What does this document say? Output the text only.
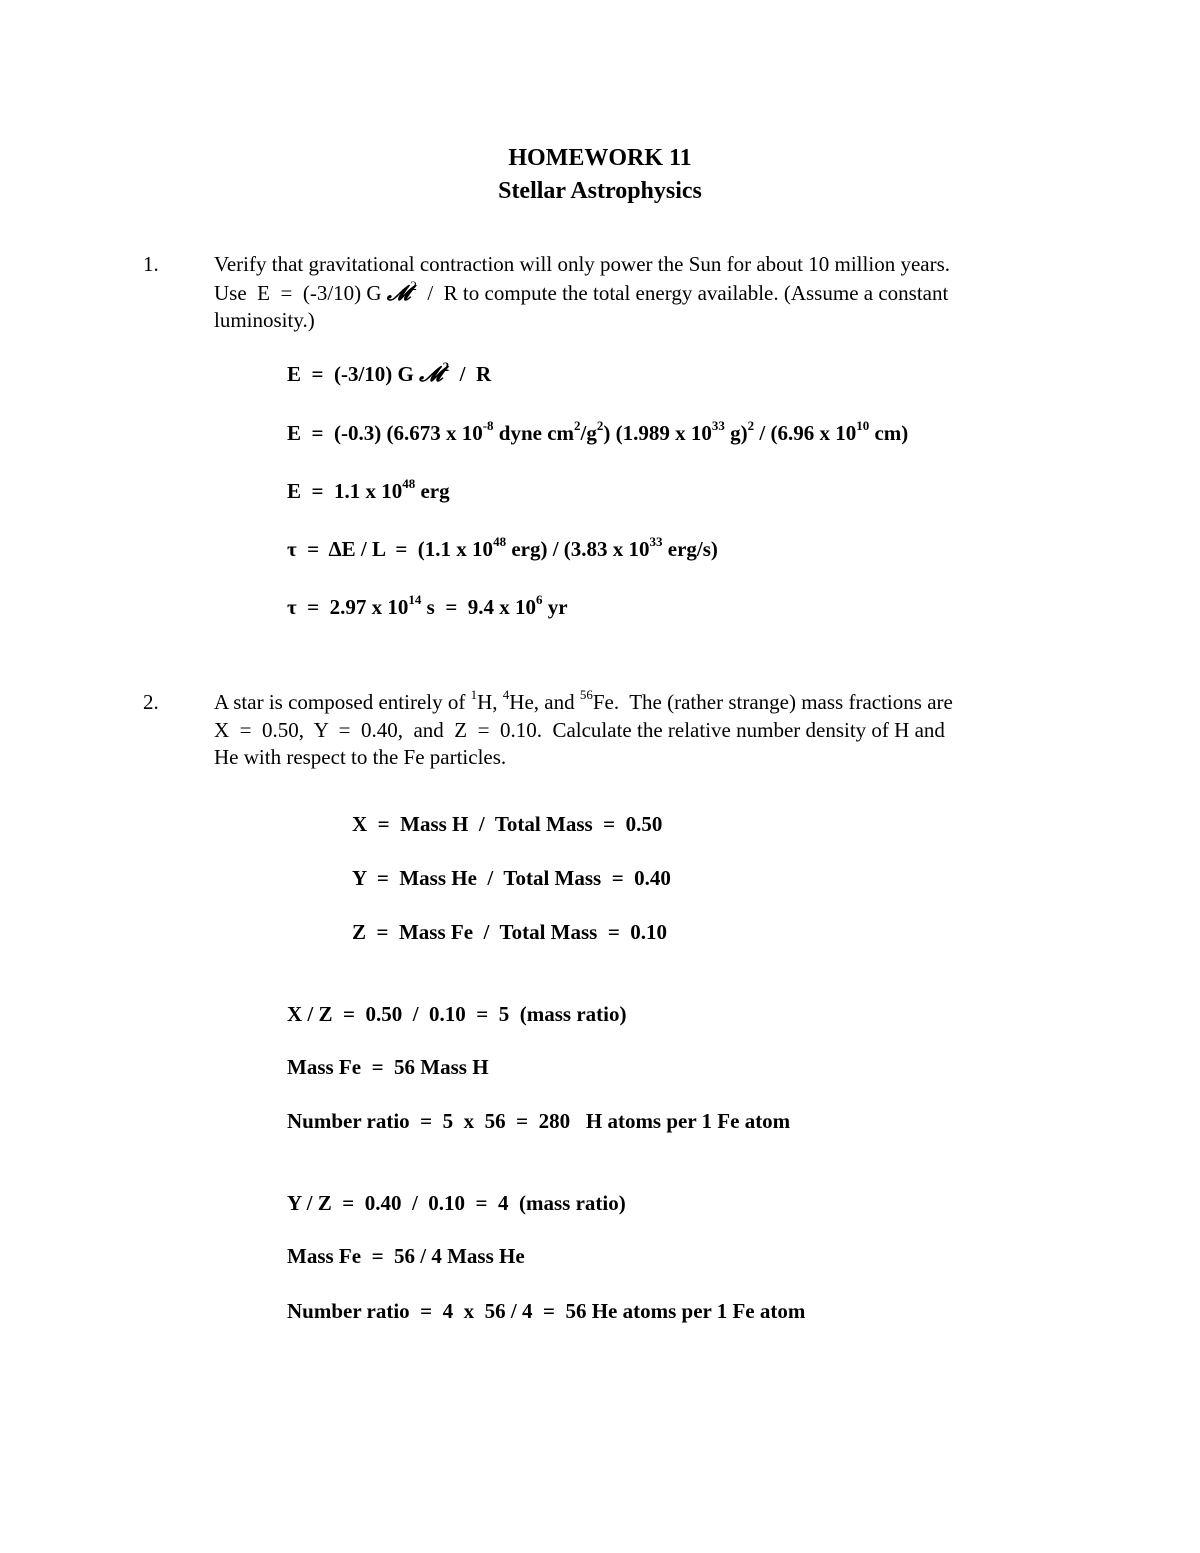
HOMEWORK 11
Stellar Astrophysics
1.	Verify that gravitational contraction will only power the Sun for about 10 million years.
Use  E  =  (-3/10) G 𝓜$^2$  /  R to compute the total energy available. (Assume a constant
luminosity.)
E  =  (-3/10) G 𝓜$^2$  /  R
E  =  (-0.3) (6.673 x $10^{-8}$ dyne $cm^2/g^2$) (1.989 x $10^{33}$ g)$^2$ / (6.96 x $10^{10}$ cm)
E  =  1.1 x $10^{48}$ erg
τ  =  ΔE / L  =  (1.1 x $10^{48}$ erg) / (3.83 x $10^{33}$ erg/s)
τ  =  2.97 x $10^{14}$ s  =  9.4 x $10^6$ yr
2.	A star is composed entirely of $^1$H, $^4$He, and $^{56}$Fe.  The (rather strange) mass fractions are
X  =  0.50,  Y  =  0.40,  and  Z  =  0.10.  Calculate the relative number density of H and
He with respect to the Fe particles.
X  =  Mass H  /  Total Mass  =  0.50
Y  =  Mass He  /  Total Mass  =  0.40
Z  =  Mass Fe  /  Total Mass  =  0.10
X / Z  =  0.50  /  0.10  =  5  (mass ratio)
Mass Fe  =  56 Mass H
Number ratio  =  5  x  56  =  280   H atoms per 1 Fe atom
Y / Z  =  0.40  /  0.10  =  4  (mass ratio)
Mass Fe  =  56 / 4 Mass He
Number ratio  =  4  x  56 / 4  =  56 He atoms per 1 Fe atom
